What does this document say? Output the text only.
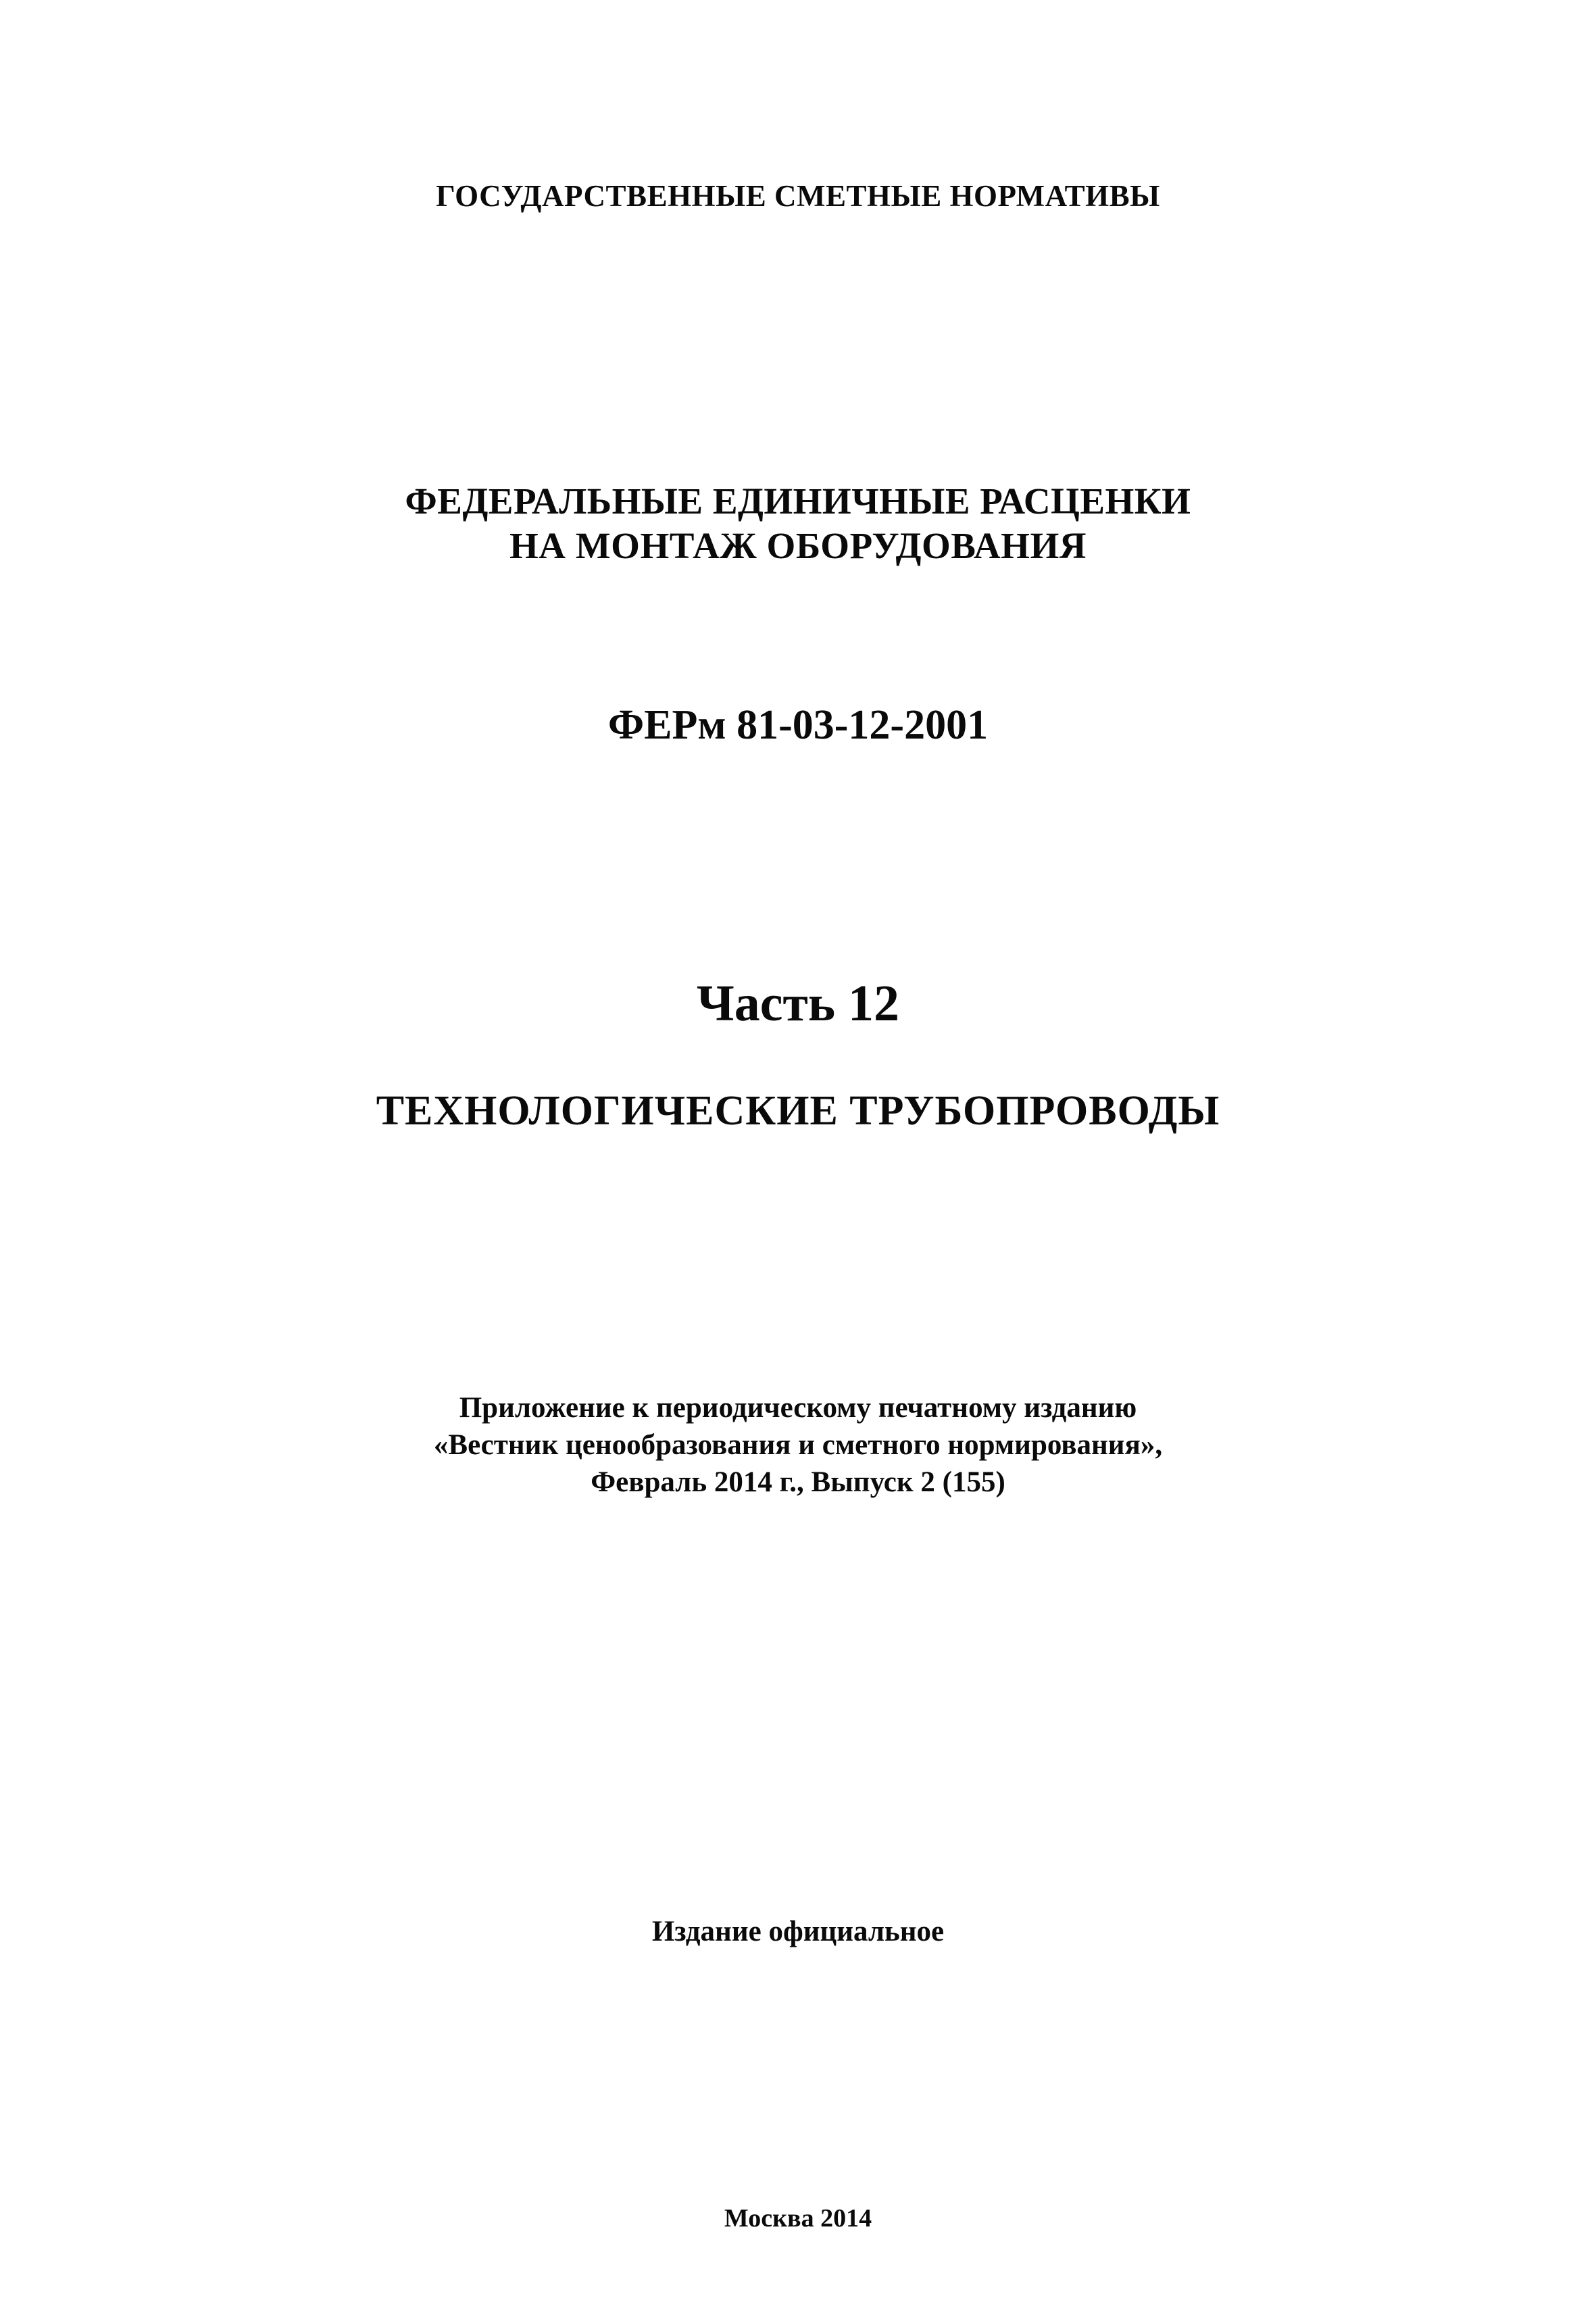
ГОСУДАРСТВЕННЫЕ СМЕТНЫЕ НОРМАТИВЫ
ФЕДЕРАЛЬНЫЕ ЕДИНИЧНЫЕ РАСЦЕНКИ
НА МОНТАЖ ОБОРУДОВАНИЯ
ФЕРм 81-03-12-2001
Часть 12
ТЕХНОЛОГИЧЕСКИЕ ТРУБОПРОВОДЫ
Приложение к периодическому печатному изданию
«Вестник ценообразования и сметного нормирования»,
Февраль 2014 г., Выпуск 2 (155)
Издание официальное
Москва 2014
